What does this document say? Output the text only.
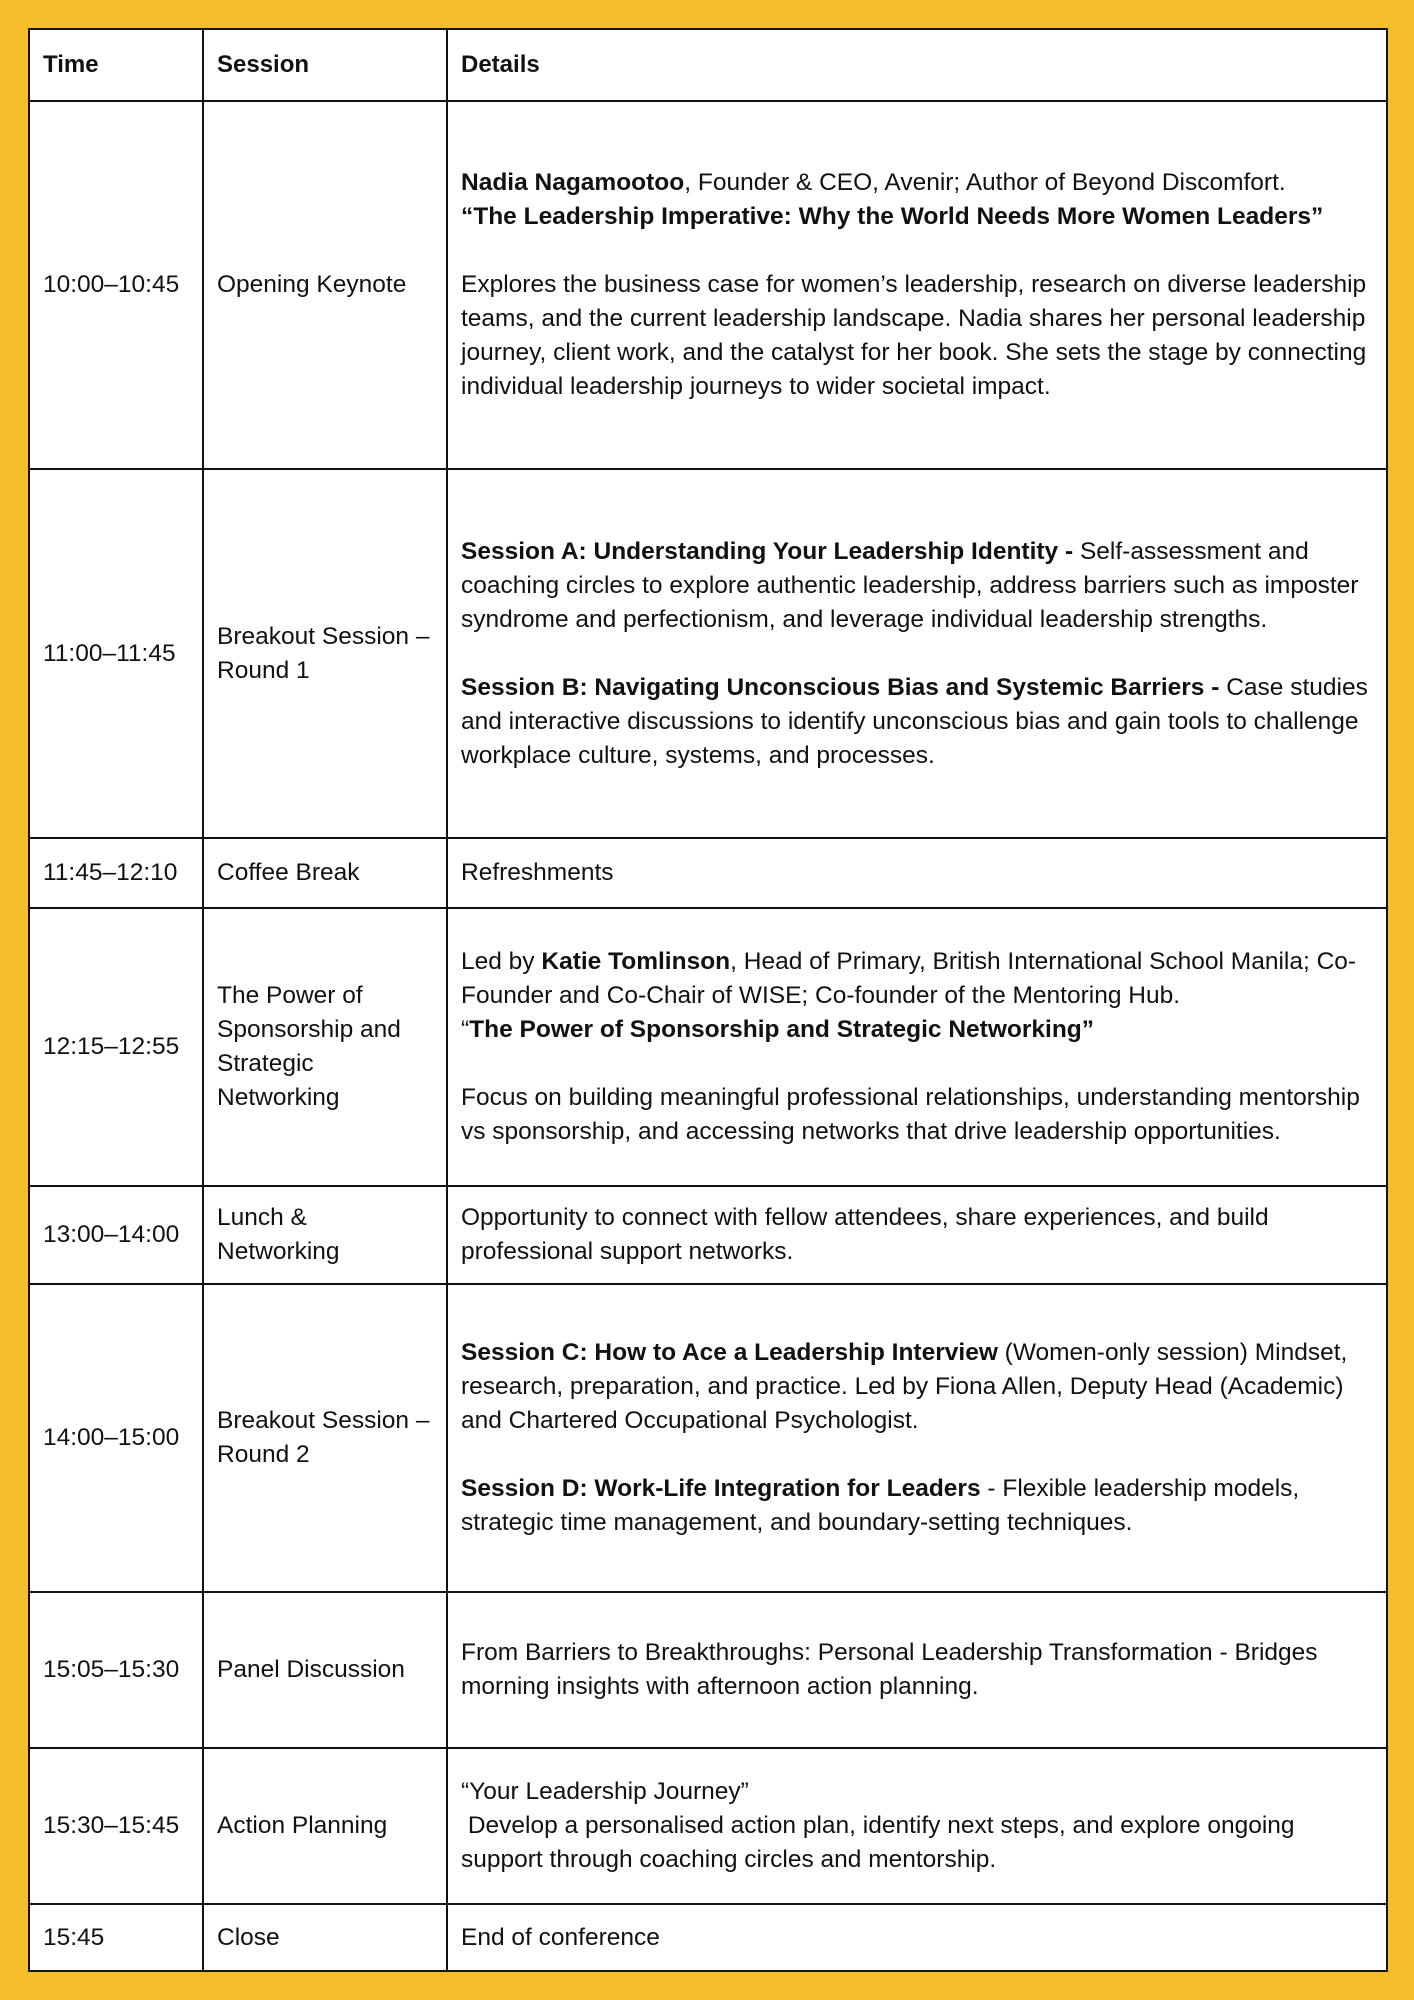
Time	Session	Details
10:00–10:45	Opening Keynote	Nadia Nagamootoo, Founder & CEO, Avenir; Author of Beyond Discomfort.

“The Leadership Imperative: Why the World Needs More Women Leaders”

Explores the business case for women’s leadership, research on diverse leadership teams, and the current leadership landscape. Nadia shares her personal leadership journey, client work, and the catalyst for her book. She sets the stage by connecting individual leadership journeys to wider societal impact.

11:00–11:45	Breakout Session – Round 1	Session A: Understanding Your Leadership Identity - Self-assessment and coaching circles to explore authentic leadership, address barriers such as imposter syndrome and perfectionism, and leverage individual leadership strengths.

Session B: Navigating Unconscious Bias and Systemic Barriers - Case studies and interactive discussions to identify unconscious bias and gain tools to challenge workplace culture, systems, and processes.

11:45–12:10	Coffee Break	Refreshments
12:15–12:55	The Power of Sponsorship and Strategic Networking	Led by Katie Tomlinson, Head of Primary, British International School Manila; Co-Founder and Co-Chair of WISE; Co-founder of the Mentoring Hub.

“The Power of Sponsorship and Strategic Networking”

Focus on building meaningful professional relationships, understanding mentorship vs sponsorship, and accessing networks that drive leadership opportunities.

13:00–14:00	Lunch & Networking	Opportunity to connect with fellow attendees, share experiences, and build professional support networks.
14:00–15:00	Breakout Session – Round 2	Session C: How to Ace a Leadership Interview (Women-only session) Mindset, research, preparation, and practice. Led by Fiona Allen, Deputy Head (Academic) and Chartered Occupational Psychologist.

Session D: Work-Life Integration for Leaders - Flexible leadership models, strategic time management, and boundary-setting techniques.

15:05–15:30	Panel Discussion	From Barriers to Breakthroughs: Personal Leadership Transformation - Bridges morning insights with afternoon action planning.
15:30–15:45	Action Planning	“Your Leadership Journey”

Develop a personalised action plan, identify next steps, and explore ongoing support through coaching circles and mentorship.

15:45	Close	End of conference
